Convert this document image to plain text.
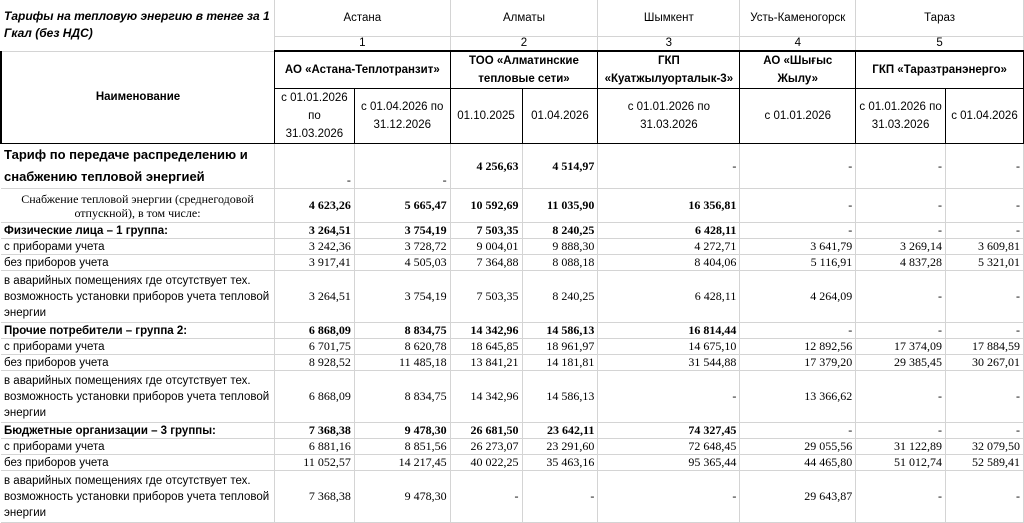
Тарифы на тепловую энергию в тенге за 1 Гкал (без НДС)	Астана		Алматы		Шымкент	Усть-Каменогорск	Тараз	
	1		2		3	4	5	
Наименование	АО «Астана-Теплотранзит»		ТОО «Алматинские тепловые сети»		ГКП «Куатжылуорталык-3»	АО «Шығыс Жылу»	ГКП «Таразтранэнерго»	
	с 01.01.2026 по 31.03.2026	с 01.04.2026 по 31.12.2026	01.10.2025	01.04.2026	с 01.01.2026 по 31.03.2026	с 01.01.2026	с 01.01.2026 по 31.03.2026	с 01.04.2026
Тариф по передаче распределению и снабжению тепловой энергией	-	-	4 256,63	4 514,97	-	-	-	-
Снабжение тепловой энергии (среднегодовой отпускной), в том числе:	4 623,26	5 665,47	10 592,69	11 035,90	16 356,81	-	-	-
Физические лица – 1 группа:	3 264,51	3 754,19	7 503,35	8 240,25	6 428,11	-	-	-
с приборами учета	3 242,36	3 728,72	9 004,01	9 888,30	4 272,71	3 641,79	3 269,14	3 609,81
без приборов учета	3 917,41	4 505,03	7 364,88	8 088,18	8 404,06	5 116,91	4 837,28	5 321,01
в аварийных помещениях где отсутствует тех. возможность установки приборов учета тепловой энергии	3 264,51	3 754,19	7 503,35	8 240,25	6 428,11	4 264,09	-	-
Прочие потребители – группа 2:	6 868,09	8 834,75	14 342,96	14 586,13	16 814,44	-	-	-
с приборами учета	6 701,75	8 620,78	18 645,85	18 961,97	14 675,10	12 892,56	17 374,09	17 884,59
без приборов учета	8 928,52	11 485,18	13 841,21	14 181,81	31 544,88	17 379,20	29 385,45	30 267,01
в аварийных помещениях где отсутствует тех. возможность установки приборов учета тепловой энергии	6 868,09	8 834,75	14 342,96	14 586,13	-	13 366,62	-	-
Бюджетные организации – 3 группы:	7 368,38	9 478,30	26 681,50	23 642,11	74 327,45	-	-	-
с приборами учета	6 881,16	8 851,56	26 273,07	23 291,60	72 648,45	29 055,56	31 122,89	32 079,50
без приборов учета	11 052,57	14 217,45	40 022,25	35 463,16	95 365,44	44 465,80	51 012,74	52 589,41
в аварийных помещениях где отсутствует тех. возможность установки приборов учета тепловой энергии	7 368,38	9 478,30	-	-	-	29 643,87	-	-
